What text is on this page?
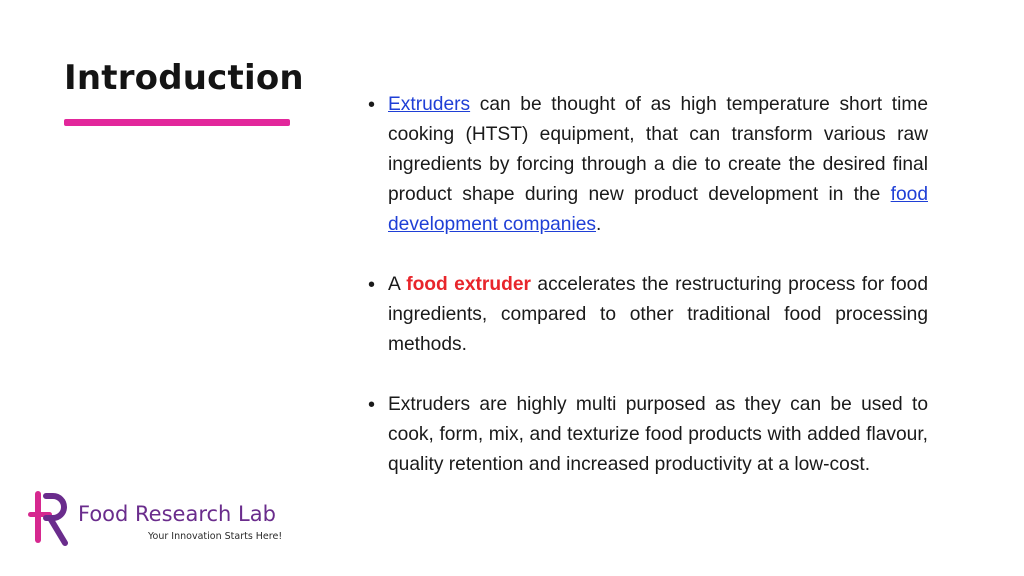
Introduction
• Extruders can be thought of as high temperature short time cooking (HTST) equipment, that can transform various raw ingredients by forcing through a die to create the desired final product shape during new product development in the food development companies.
• A food extruder accelerates the restructuring process for food ingredients, compared to other traditional food processing methods.
• Extruders are highly multi purposed as they can be used to cook, form, mix, and texturize food products with added flavour, quality retention and increased productivity at a low-cost.
Food Research Lab
Your Innovation Starts Here!
